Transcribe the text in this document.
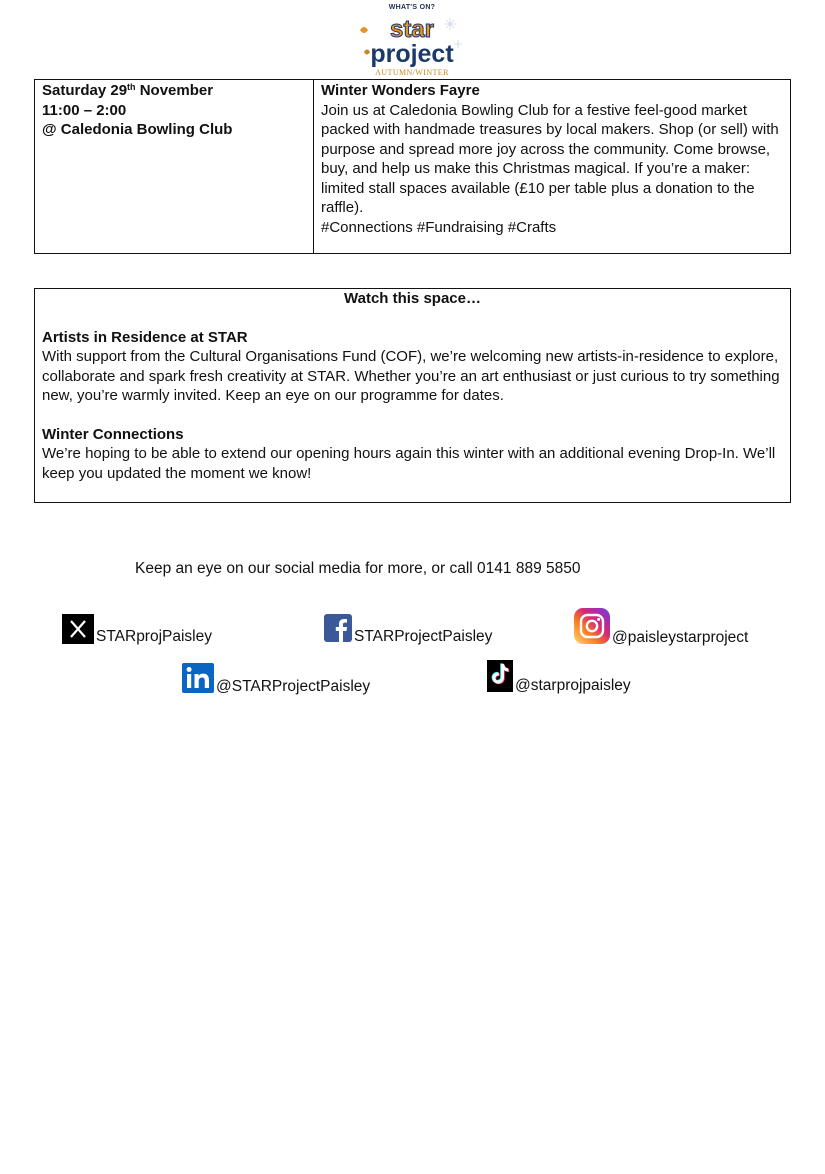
WHAT'S ON?
star
project
AUTUMN/WINTER
Saturday 29th November
11:00 – 2:00
@ Caledonia Bowling Club
Winter Wonders Fayre
Join us at Caledonia Bowling Club for a festive feel-good market packed with handmade treasures by local makers. Shop (or sell) with purpose and spread more joy across the community. Come browse, buy, and help us make this Christmas magical. If you’re a maker: limited stall spaces available (£10 per table plus a donation to the raffle).
#Connections #Fundraising #Crafts
Watch this space…
Artists in Residence at STAR

With support from the Cultural Organisations Fund (COF), we’re welcoming new artists-in-residence to explore, collaborate and spark fresh creativity at STAR. Whether you’re an art enthusiast or just curious to try something new, you’re warmly invited. Keep an eye on our programme for dates.

Winter Connections

We’re hoping to be able to extend our opening hours again this winter with an additional evening Drop-In. We’ll keep you updated the moment we know!

Keep an eye on our social media for more, or call 0141 889 5850
STARprojPaisley	STARProjectPaisley	@paisleystarproject
@STARProjectPaisley	@starprojpaisley
